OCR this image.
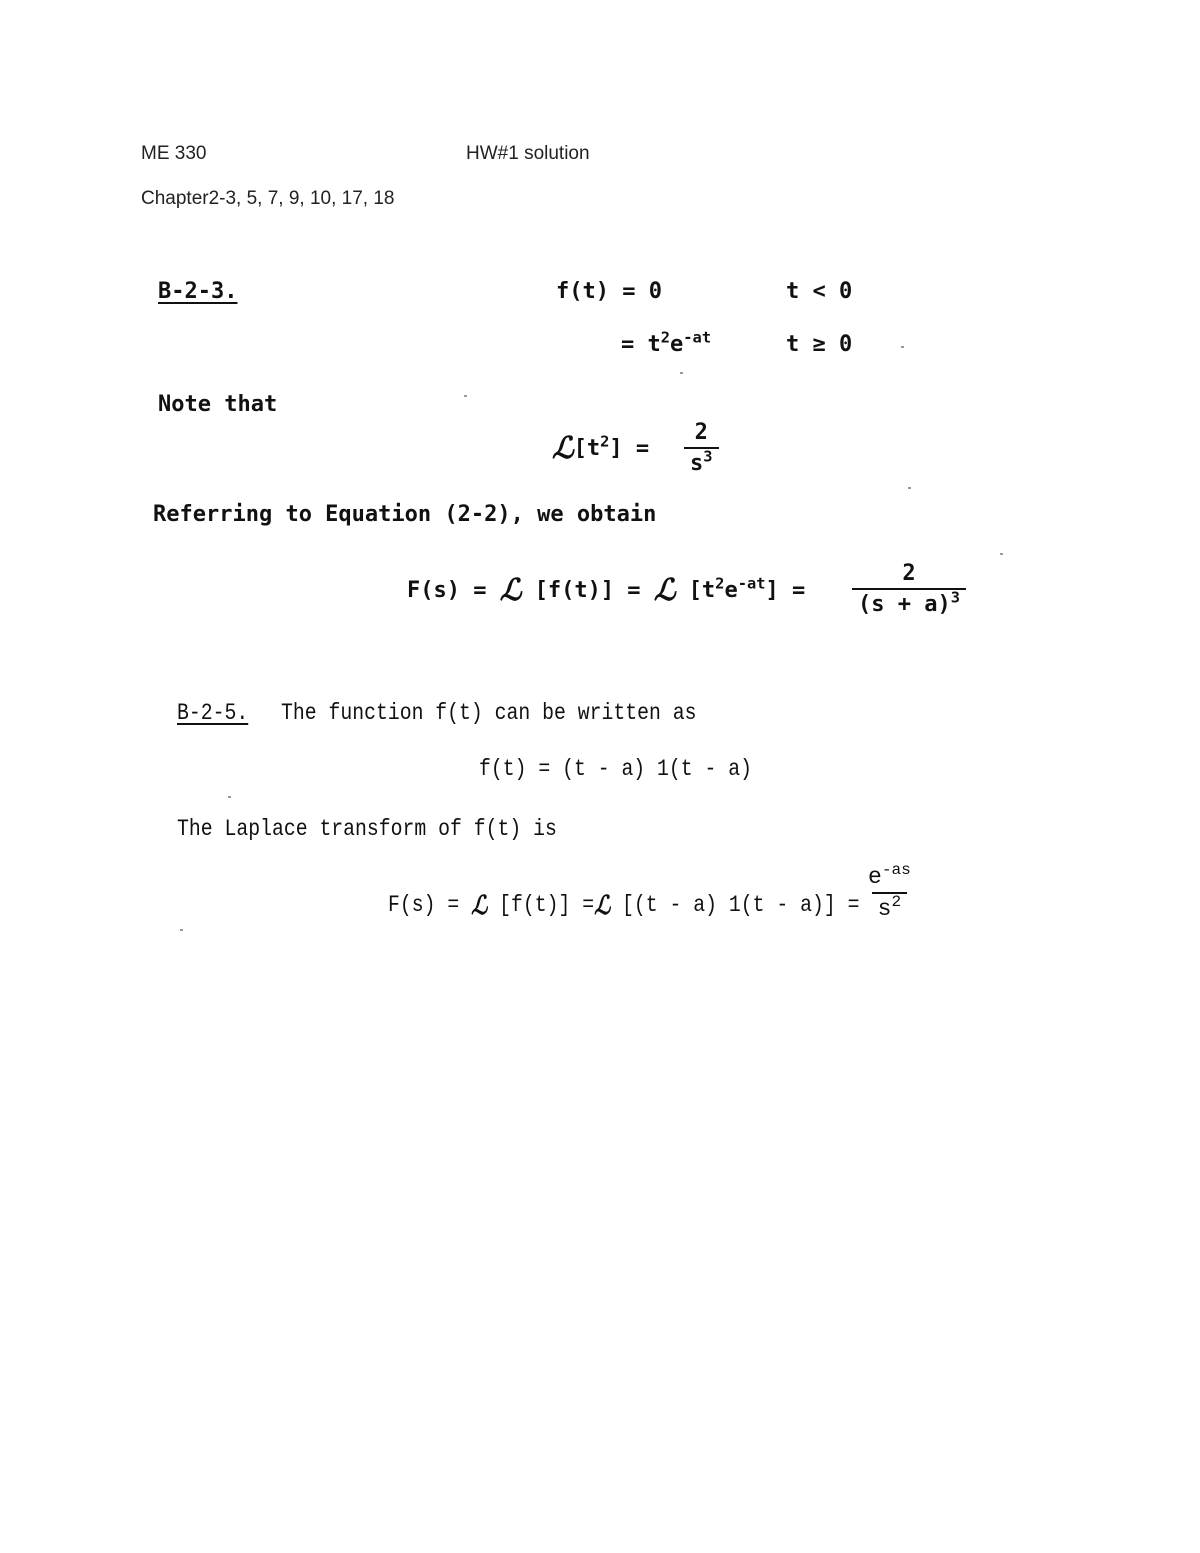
ME 330	HW#1 solution
Chapter2-3, 5, 7, 9, 10, 17, 18
B-2-3.	f(t) = 0	t < 0
= $t^2e^{-at}$	t ≥ 0
Note that
$ℒ[t^2] = \frac{2}{s^3}$
Referring to Equation (2-2), we obtain
F(s) = ℒ [f(t)] = ℒ $[t^2e^{-at}] = \frac{2}{(s + a)^3}$
B-2-5. The function f(t) can be written as
f(t) = (t - a) 1(t - a)
The Laplace transform of f(t) is
F(s) = ℒ [f(t)] =ℒ [(t - a) $1(t - a)] = \frac{e^{-as}}{s^2}$
